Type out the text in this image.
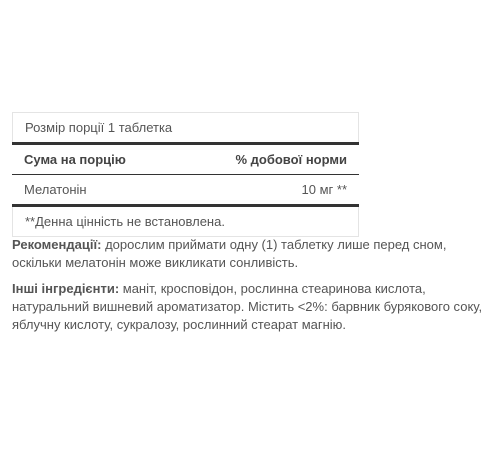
Розмір порції 1 таблетка
Сума на порцію	% добової норми
Мелатонін	10 мг **
**Денна цінність не встановлена.

Рекомендації: дорослим приймати одну (1) таблетку лише перед сном, оскільки мелатонін може викликати сонливість.

Інші інгредієнти: маніт, кросповідон, рослинна стеаринова кислота, натуральний вишневий ароматизатор. Містить <2%: барвник бурякового соку, яблучну кислоту, сукралозу, рослинний стеарат магнію.
